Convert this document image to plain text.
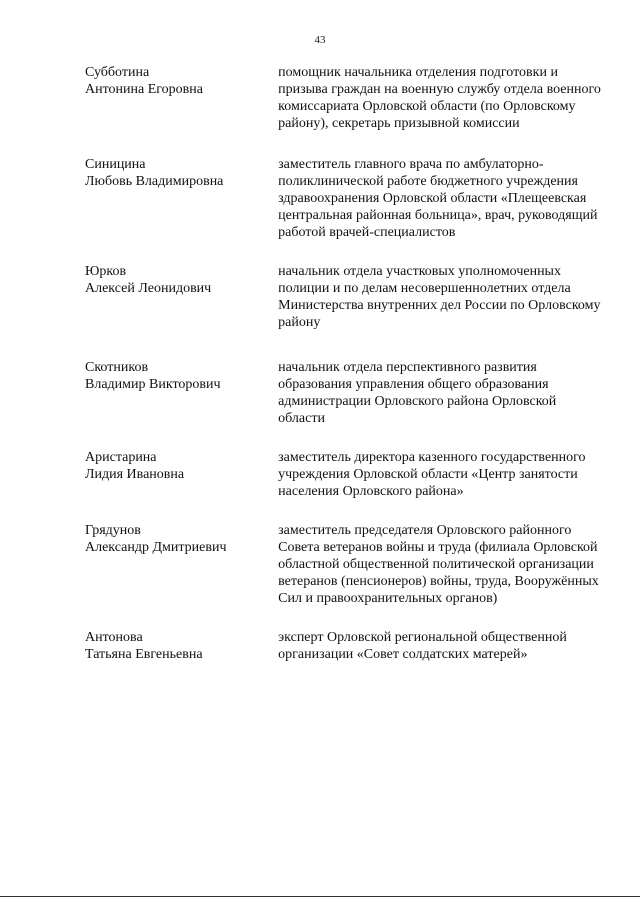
43
Субботина
Антонина Егоровна
помощник начальника отделения подготовки и призыва граждан на военную службу отдела военного комиссариата Орловской области (по Орловскому району), секретарь призывной комиссии
Синицина
Любовь Владимировна
заместитель главного врача по амбулаторно-поликлинической работе бюджетного учреждения здравоохранения Орловской области «Плещеевская центральная районная больница», врач, руководящий работой врачей-специалистов
Юрков
Алексей Леонидович
начальник отдела участковых уполномоченных полиции и по делам несовершеннолетних отдела Министерства внутренних дел России по Орловскому району
Скотников
Владимир Викторович
начальник отдела перспективного развития образования управления общего образования администрации Орловского района Орловской области
Аристарина
Лидия Ивановна
заместитель директора казенного государственного учреждения Орловской области «Центр занятости населения Орловского района»
Грядунов
Александр Дмитриевич
заместитель председателя Орловского районного Совета ветеранов войны и труда (филиала Орловской областной общественной политической организации ветеранов (пенсионеров) войны, труда, Вооружённых Сил и правоохранительных органов)
Антонова
Татьяна Евгеньевна
эксперт Орловской региональной общественной организации «Совет солдатских матерей»
